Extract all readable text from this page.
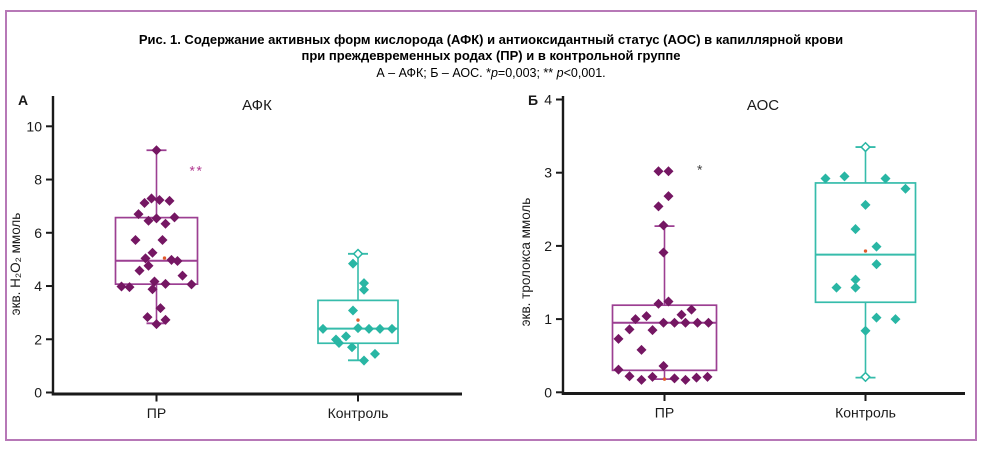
Рис. 1. Содержание активных форм кислорода (АФК) и антиоксидантный статус (АОС) в капиллярной крови
при преждевременных родах (ПР) и в контрольной группе
А – АФК; Б – АОС. *p=0,003; ** p<0,001.
0
2
4
6
8
10
экв. H₂O₂ ммоль
А	АФК
ПР	Контроль
**
0
1
2
3
4
экв. тролокса ммоль
Б	АОС
ПР	Контроль
*
